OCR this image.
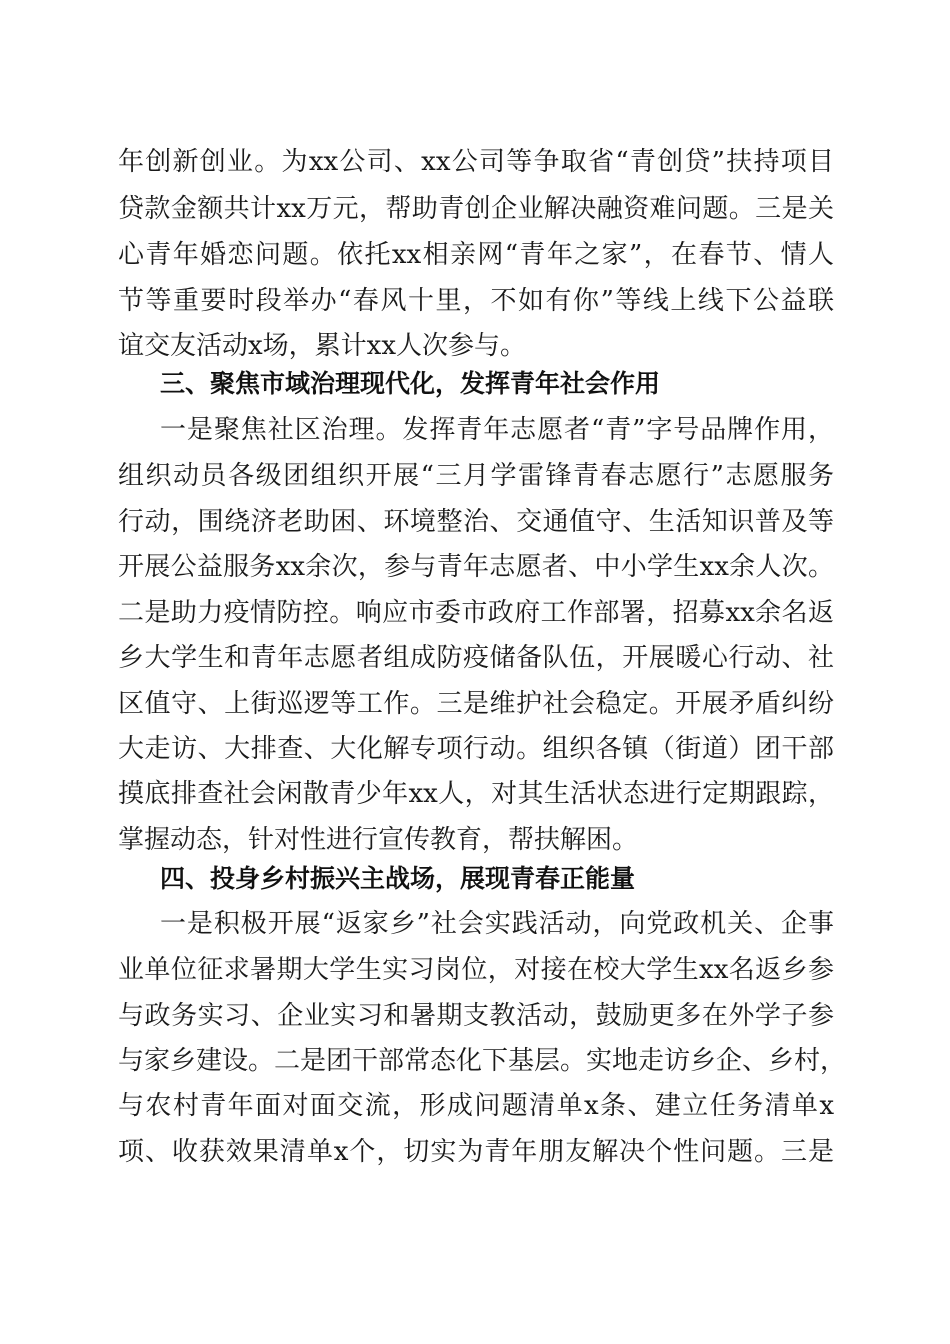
年创新创业。为xx公司、xx公司等争取省“青创贷”扶持项目
贷款金额共计xx万元，帮助青创企业解决融资难问题。三是关
心青年婚恋问题。依托xx相亲网“青年之家”，在春节、情人
节等重要时段举办“春风十里，不如有你”等线上线下公益联
谊交友活动x场，累计xx人次参与。
三、聚焦市域治理现代化，发挥青年社会作用
一是聚焦社区治理。发挥青年志愿者“青”字号品牌作用，
组织动员各级团组织开展“三月学雷锋青春志愿行”志愿服务
行动，围绕济老助困、环境整治、交通值守、生活知识普及等
开展公益服务xx余次，参与青年志愿者、中小学生xx余人次。
二是助力疫情防控。响应市委市政府工作部署，招募xx余名返
乡大学生和青年志愿者组成防疫储备队伍，开展暖心行动、社
区值守、上街巡逻等工作。三是维护社会稳定。开展矛盾纠纷
大走访、大排查、大化解专项行动。组织各镇（街道）团干部
摸底排查社会闲散青少年xx人，对其生活状态进行定期跟踪，
掌握动态，针对性进行宣传教育，帮扶解困。
四、投身乡村振兴主战场，展现青春正能量
一是积极开展“返家乡”社会实践活动，向党政机关、企事
业单位征求暑期大学生实习岗位，对接在校大学生xx名返乡参
与政务实习、企业实习和暑期支教活动，鼓励更多在外学子参
与家乡建设。二是团干部常态化下基层。实地走访乡企、乡村，
与农村青年面对面交流，形成问题清单x条、建立任务清单x
项、收获效果清单x个，切实为青年朋友解决个性问题。三是
